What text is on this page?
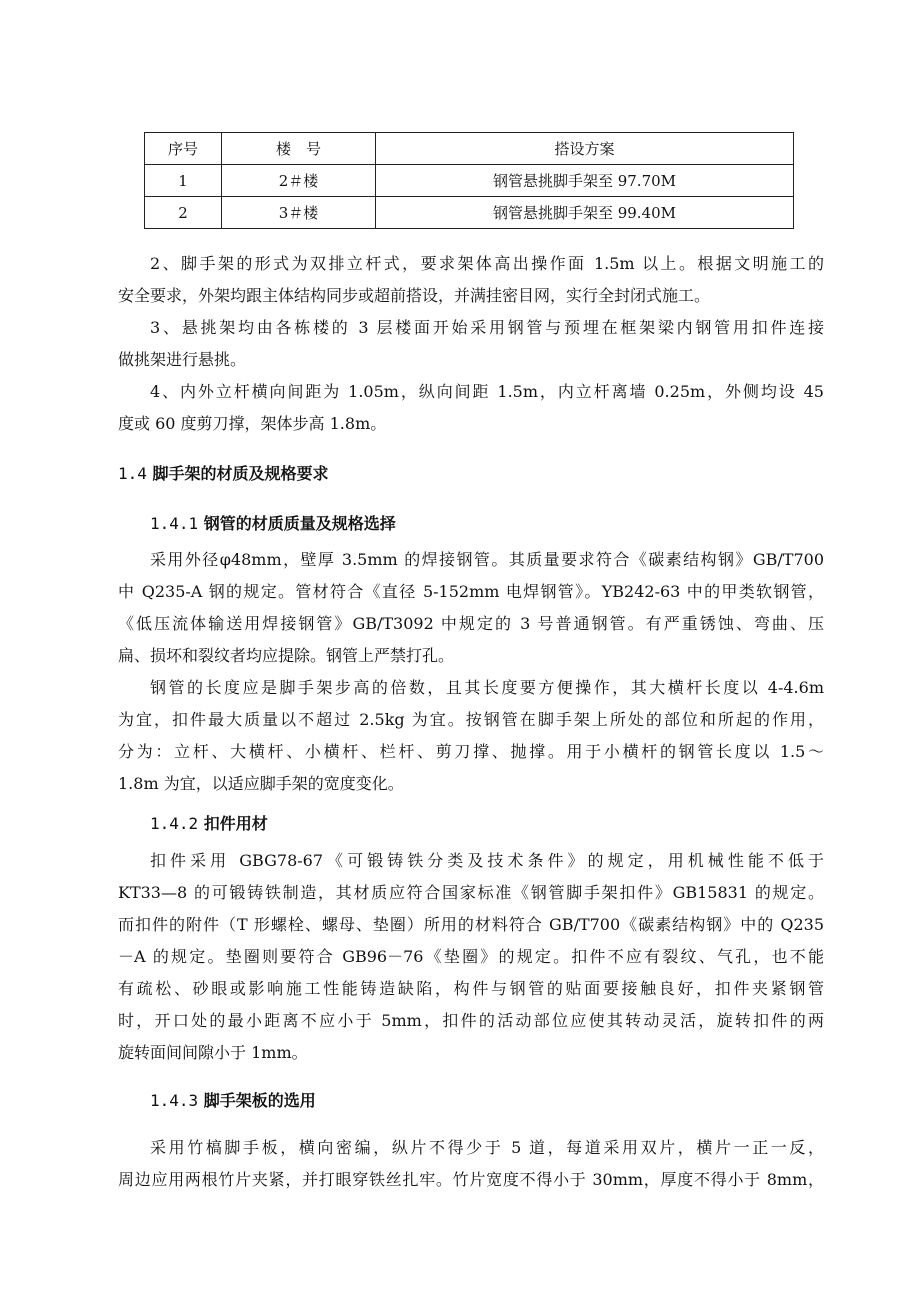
序号	楼　号	搭设方案
1	2＃楼	钢管悬挑脚手架至 97.70M
2	3＃楼	钢管悬挑脚手架至 99.40M
2、脚手架的形式为双排立杆式，要求架体高出操作面 1.5m 以上。根据文明施工的
安全要求，外架均跟主体结构同步或超前搭设，并满挂密目网，实行全封闭式施工。
3、悬挑架均由各栋楼的 3 层楼面开始采用钢管与预埋在框架梁内钢管用扣件连接
做挑架进行悬挑。
4、内外立杆横向间距为 1.05m，纵向间距 1.5m，内立杆离墙 0.25m，外侧均设 45
度或 60 度剪刀撑，架体步高 1.8m。
1.4 脚手架的材质及规格要求
1.4.1 钢管的材质质量及规格选择
采用外径φ48mm，壁厚 3.5mm 的焊接钢管。其质量要求符合《碳素结构钢》GB/T700
中 Q235-A 钢的规定。管材符合《直径 5-152mm 电焊钢管》。YB242-63 中的甲类软钢管，
《低压流体输送用焊接钢管》GB/T3092 中规定的 3 号普通钢管。有严重锈蚀、弯曲、压
扁、损坏和裂纹者均应提除。钢管上严禁打孔。
钢管的长度应是脚手架步高的倍数，且其长度要方便操作，其大横杆长度以 4-4.6m
为宜，扣件最大质量以不超过 2.5kg 为宜。按钢管在脚手架上所处的部位和所起的作用，
分为：立杆、大横杆、小横杆、栏杆、剪刀撑、抛撑。用于小横杆的钢管长度以 1.5～
1.8m 为宜，以适应脚手架的宽度变化。
1.4.2 扣件用材
扣件采用 GBG78-67《可锻铸铁分类及技术条件》的规定，用机械性能不低于
KT33—8 的可锻铸铁制造，其材质应符合国家标准《钢管脚手架扣件》GB15831 的规定。
而扣件的附件（T 形螺栓、螺母、垫圈）所用的材料符合 GB/T700《碳素结构钢》中的 Q235
－A 的规定。垫圈则要符合 GB96－76《垫圈》的规定。扣件不应有裂纹、气孔，也不能
有疏松、砂眼或影响施工性能铸造缺陷，构件与钢管的贴面要接触良好，扣件夹紧钢管
时，开口处的最小距离不应小于 5mm，扣件的活动部位应使其转动灵活，旋转扣件的两
旋转面间间隙小于 1mm。
1.4.3 脚手架板的选用
采用竹槁脚手板，横向密编，纵片不得少于 5 道，每道采用双片，横片一正一反，
周边应用两根竹片夹紧，并打眼穿铁丝扎牢。竹片宽度不得小于 30mm，厚度不得小于 8mm，
